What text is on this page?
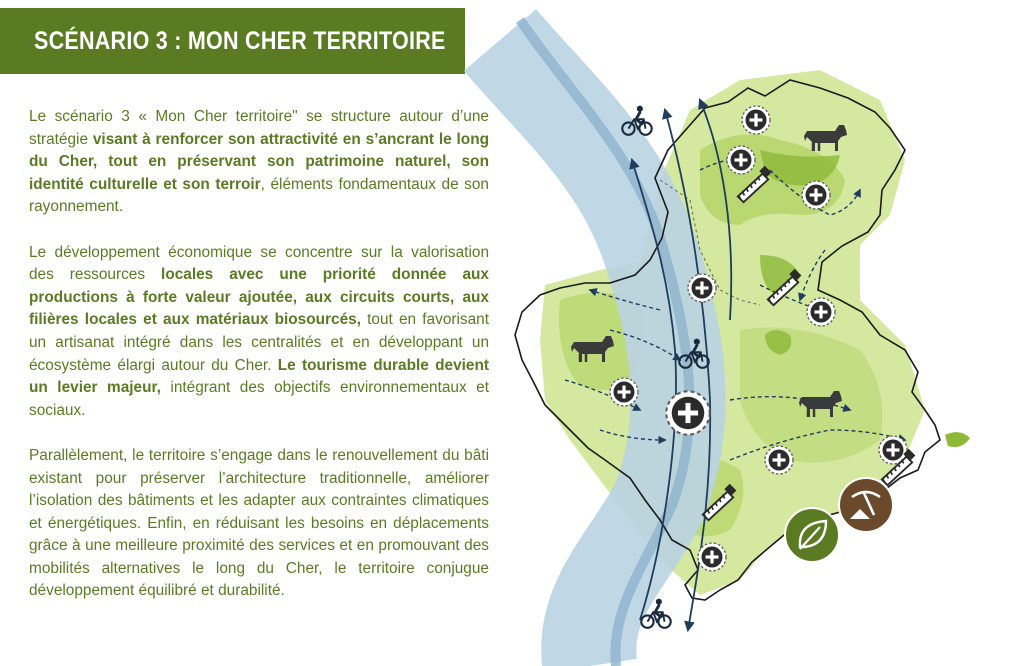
SCÉNARIO 3 : MON CHER TERRITOIRE

Le scénario 3 « Mon Cher territoire" se structure autour d’une stratégie visant à renforcer son attractivité en s’ancrant le long du Cher, tout en préservant son patrimoine naturel, son identité culturelle et son terroir, éléments fondamentaux de son rayonnement.

Le développement économique se concentre sur la valorisation des ressources locales avec une priorité donnée aux productions à forte valeur ajoutée, aux circuits courts, aux filières locales et aux matériaux biosourcés, tout en favorisant un artisanat intégré dans les centralités et en développant un écosystème élargi autour du Cher. Le tourisme durable devient un levier majeur, intégrant des objectifs environnementaux et sociaux.

Parallèlement, le territoire s’engage dans le renouvellement du bâti existant pour préserver l’architecture traditionnelle, améliorer l’isolation des bâtiments et les adapter aux contraintes climatiques et énergétiques. Enfin, en réduisant les besoins en déplacements grâce à une meilleure proximité des services et en promouvant des mobilités alternatives le long du Cher, le territoire conjugue développement équilibré et durabilité.
